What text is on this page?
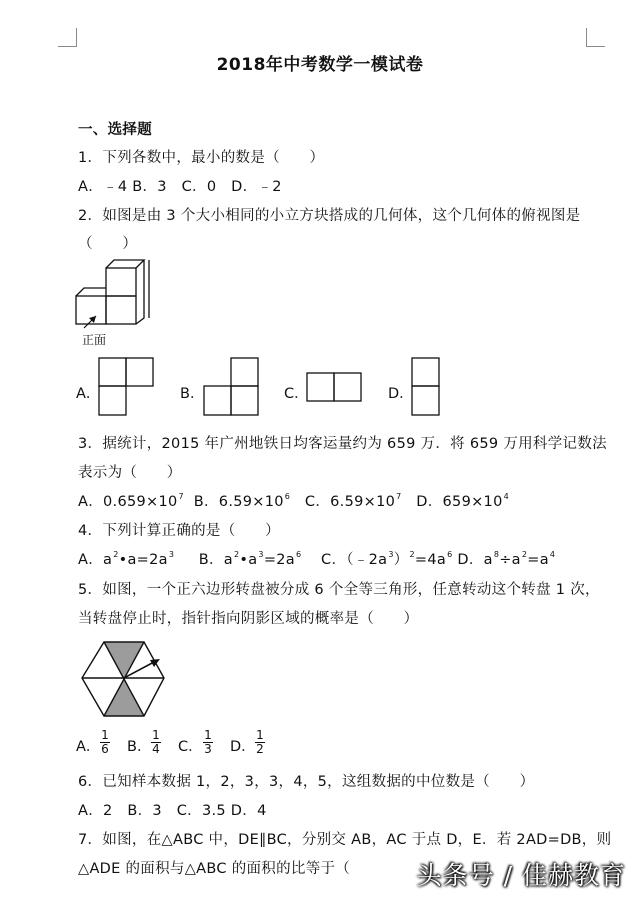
2018年中考数学一模试卷
一、选择题
1．下列各数中，最小的数是（　　）
A．﹣4 B．3　C．0　D．﹣2
2．如图是由 3 个大小相同的小立方块搭成的几何体，这个几何体的俯视图是
（　　）
正面
A．	B．	C．	D．
3．据统计，2015 年广州地铁日均客运量约为 659 万．将 659 万用科学记数法
表示为（　　）
A．$0.659\times 10^7$ B．$6.59\times 10^6$ C．$6.59\times 10^7$ D．$659\times 10^4$
4．下列计算正确的是（　　）
A．$a^2•a=2a^3$ B．$a^2•a^3=2a^6$ C．$(﹣2a^3)^2=4a^6$ D．$a^8\div a^2=a^4$
5．如图，一个正六边形转盘被分成 6 个全等三角形，任意转动这个转盘 1 次，
当转盘停止时，指针指向阴影区域的概率是（　　）
A．
1
6 B．
1
4 C．
1
3 D．
1
2
6．已知样本数据 1，2，3，3，4，5，这组数据的中位数是（　　）
A．2　B．3　C．3.5 D．4
7．如图，在△ABC 中，DE∥BC，分别交 AB，AC 于点 D，E．若 2AD=DB，则
△ADE 的面积与△ABC 的面积的比等于（	头条号 / 佳赫教育
